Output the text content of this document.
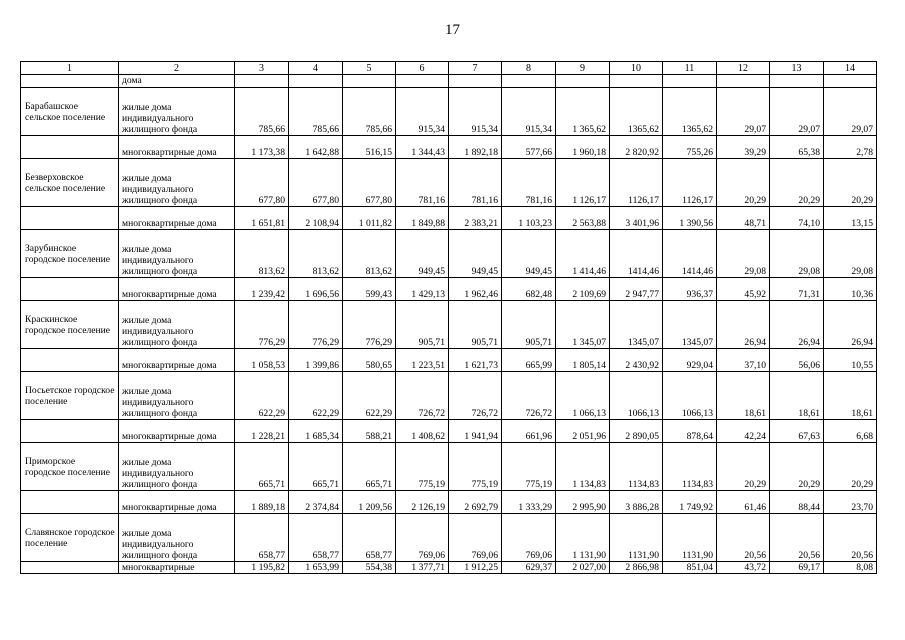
17
1	2	3	4	5	6	7	8	9	10	11	12	13	14
	дома												
Барабашское сельское поселение	жилые дома индивидуального жилищного фонда	785,66	785,66	785,66	915,34	915,34	915,34	1 365,62	1365,62	1365,62	29,07	29,07	29,07
	многоквартирные дома	1 173,38	1 642,88	516,15	1 344,43	1 892,18	577,66	1 960,18	2 820,92	755,26	39,29	65,38	2,78
Безверховское сельское поселение	жилые дома индивидуального жилищного фонда	677,80	677,80	677,80	781,16	781,16	781,16	1 126,17	1126,17	1126,17	20,29	20,29	20,29
	многоквартирные дома	1 651,81	2 108,94	1 011,82	1 849,88	2 383,21	1 103,23	2 563,88	3 401,96	1 390,56	48,71	74,10	13,15
Зарубинское городское поселение	жилые дома индивидуального жилищного фонда	813,62	813,62	813,62	949,45	949,45	949,45	1 414,46	1414,46	1414,46	29,08	29,08	29,08
	многоквартирные дома	1 239,42	1 696,56	599,43	1 429,13	1 962,46	682,48	2 109,69	2 947,77	936,37	45,92	71,31	10,36
Краскинское городское поселение	жилые дома индивидуального жилищного фонда	776,29	776,29	776,29	905,71	905,71	905,71	1 345,07	1345,07	1345,07	26,94	26,94	26,94
	многоквартирные дома	1 058,53	1 399,86	580,65	1 223,51	1 621,73	665,99	1 805,14	2 430,92	929,04	37,10	56,06	10,55
Посьетское городское поселение	жилые дома индивидуального жилищного фонда	622,29	622,29	622,29	726,72	726,72	726,72	1 066,13	1066,13	1066,13	18,61	18,61	18,61
	многоквартирные дома	1 228,21	1 685,34	588,21	1 408,62	1 941,94	661,96	2 051,96	2 890,05	878,64	42,24	67,63	6,68
Приморское городское поселение	жилые дома индивидуального жилищного фонда	665,71	665,71	665,71	775,19	775,19	775,19	1 134,83	1134,83	1134,83	20,29	20,29	20,29
	многоквартирные дома	1 889,18	2 374,84	1 209,56	2 126,19	2 692,79	1 333,29	2 995,90	3 886,28	1 749,92	61,46	88,44	23,70
Славянское городское поселение	жилые дома индивидуального жилищного фонда	658,77	658,77	658,77	769,06	769,06	769,06	1 131,90	1131,90	1131,90	20,56	20,56	20,56
	многоквартирные	1 195,82	1 653,99	554,38	1 377,71	1 912,25	629,37	2 027,00	2 866,98	851,04	43,72	69,17	8,08
